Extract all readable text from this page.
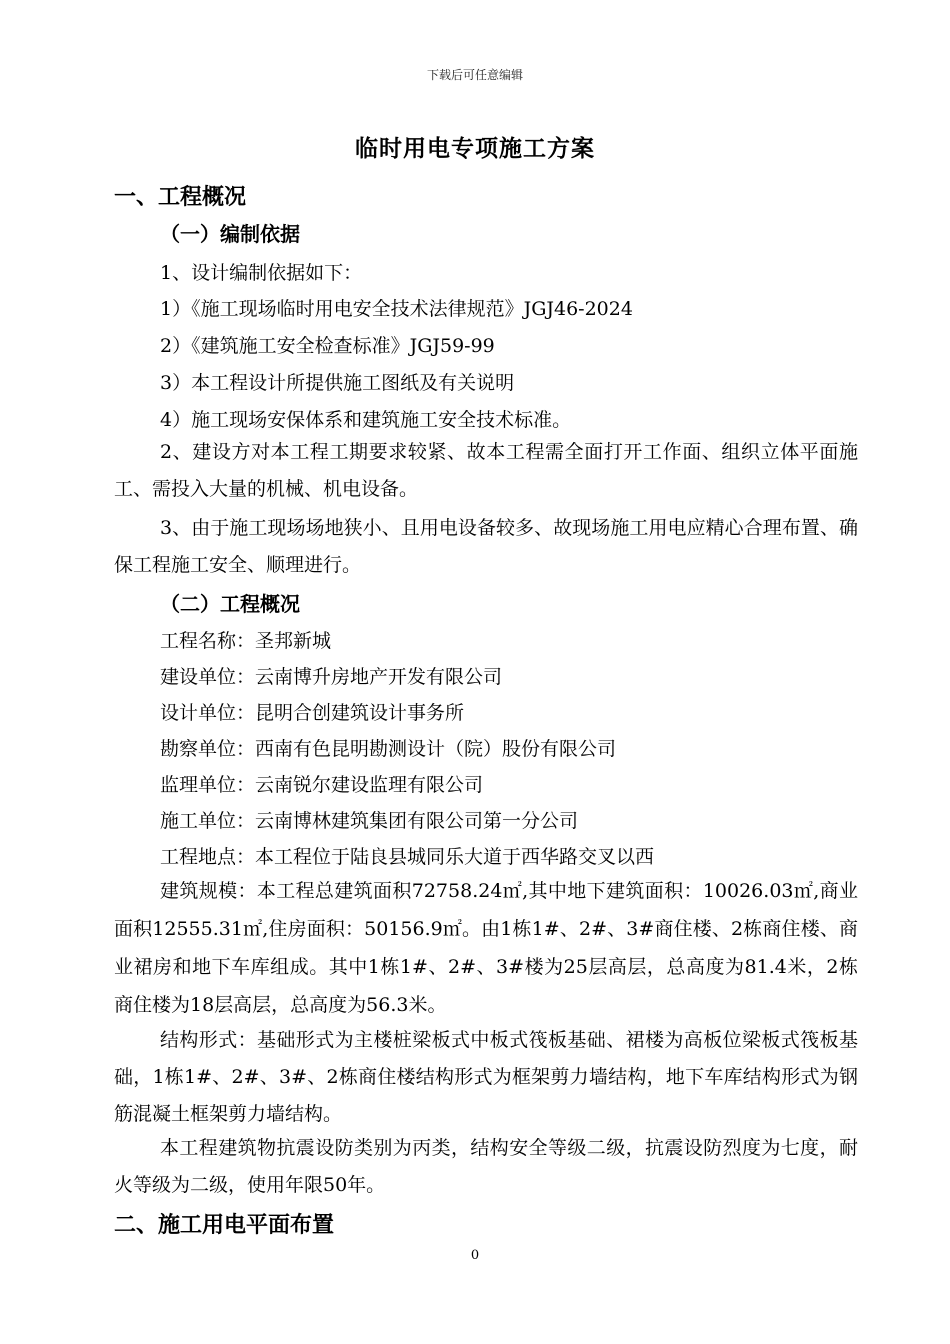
下载后可任意编辑
临时用电专项施工方案
一、工程概况
（一）编制依据
1、设计编制依据如下：
1）《施工现场临时用电安全技术法律规范》JGJ46-2024
2）《建筑施工安全检查标准》JGJ59-99
3）本工程设计所提供施工图纸及有关说明
4）施工现场安保体系和建筑施工安全技术标准。
2、建设方对本工程工期要求较紧、故本工程需全面打开工作面、组织立体平面施工、需投入大量的机械、机电设备。
3、由于施工现场场地狭小、且用电设备较多、故现场施工用电应精心合理布置、确保工程施工安全、顺理进行。
（二）工程概况
工程名称：圣邦新城
建设单位：云南博升房地产开发有限公司
设计单位：昆明合创建筑设计事务所
勘察单位：西南有色昆明勘测设计（院）股份有限公司
监理单位：云南锐尔建设监理有限公司
施工单位：云南博林建筑集团有限公司第一分公司
工程地点：本工程位于陆良县城同乐大道于西华路交叉以西
建筑规模：本工程总建筑面积72758.24㎡,其中地下建筑面积：10026.03㎡,商业面积12555.31㎡,住房面积：50156.9㎡。由1栋1#、2#、3#商住楼、2栋商住楼、商业裙房和地下车库组成。其中1栋1#、2#、3#楼为25层高层，总高度为81.4米，2栋商住楼为18层高层，总高度为56.3米。
结构形式：基础形式为主楼桩梁板式中板式筏板基础、裙楼为高板位梁板式筏板基础，1栋1#、2#、3#、2栋商住楼结构形式为框架剪力墙结构，地下车库结构形式为钢筋混凝土框架剪力墙结构。
本工程建筑物抗震设防类别为丙类，结构安全等级二级，抗震设防烈度为七度，耐火等级为二级，使用年限50年。
二、施工用电平面布置
0
